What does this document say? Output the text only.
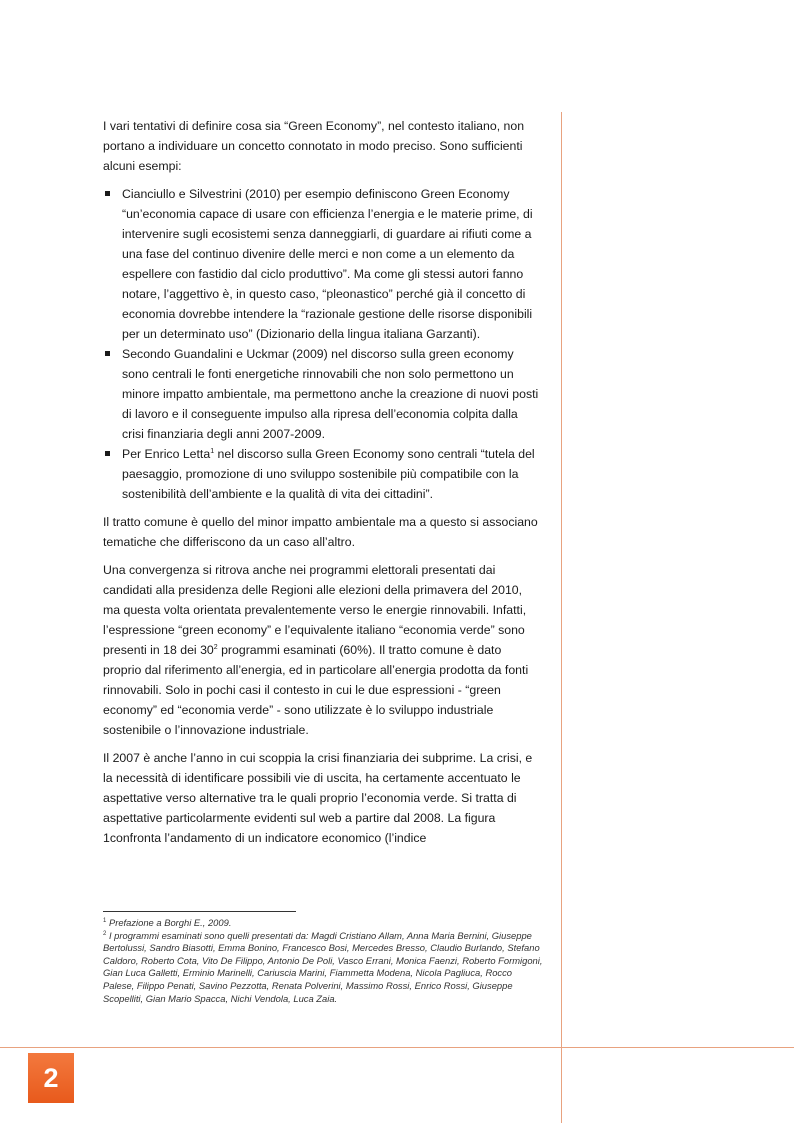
I vari tentativi di definire cosa sia “Green Economy”, nel contesto italiano, non portano a individuare un concetto connotato in modo preciso. Sono sufficienti alcuni esempi:

Cianciullo e Silvestrini (2010) per esempio definiscono Green Economy “un’economia capace di usare con efficienza l’energia e le materie prime, di intervenire sugli ecosistemi senza danneggiarli, di guardare ai rifiuti come a una fase del continuo divenire delle merci e non come a un elemento da espellere con fastidio dal ciclo produttivo”. Ma come gli stessi autori fanno notare, l’aggettivo è, in questo caso, “pleonastico” perché già il concetto di economia dovrebbe intendere la “razionale gestione delle risorse disponibili per un determinato uso” (Dizionario della lingua italiana Garzanti).
Secondo Guandalini e Uckmar (2009) nel discorso sulla green economy sono centrali le fonti energetiche rinnovabili che non solo permettono un minore impatto ambientale, ma permettono anche la creazione di nuovi posti di lavoro e il conseguente impulso alla ripresa dell’economia colpita dalla crisi finanziaria degli anni 2007-2009.
Per Enrico Letta$^1$ nel discorso sulla Green Economy sono centrali “tutela del paesaggio, promozione di uno sviluppo sostenibile più compatibile con la sostenibilità dell’ambiente e la qualità di vita dei cittadini”.

Il tratto comune è quello del minor impatto ambientale ma a questo si associano tematiche che differiscono da un caso all’altro.

Una convergenza si ritrova anche nei programmi elettorali presentati dai candidati alla presidenza delle Regioni alle elezioni della primavera del 2010, ma questa volta orientata prevalentemente verso le energie rinnovabili. Infatti, l’espressione “green economy” e l’equivalente italiano “economia verde” sono presenti in 18 dei $30^2$ programmi esaminati (60%). Il tratto comune è dato proprio dal riferimento all’energia, ed in particolare all’energia prodotta da fonti rinnovabili. Solo in pochi casi il contesto in cui le due espressioni - “green economy” ed “economia verde” - sono utilizzate è lo sviluppo industriale sostenibile o l’innovazione industriale.

Il 2007 è anche l’anno in cui scoppia la crisi finanziaria dei subprime. La crisi, e la necessità di identificare possibili vie di uscita, ha certamente accentuato le aspettative verso alternative tra le quali proprio l’economia verde. Si tratta di aspettative particolarmente evidenti sul web a partire dal 2008. La figura 1confronta l’andamento di un indicatore economico (l’indice

$^1$ Prefazione a Borghi E., 2009.

$^2$ I programmi esaminati sono quelli presentati da: Magdi Cristiano Allam, Anna Maria Bernini, Giuseppe Bertolussi, Sandro Biasotti, Emma Bonino, Francesco Bosi, Mercedes Bresso, Claudio Burlando, Stefano Caldoro, Roberto Cota, Vito De Filippo, Antonio De Poli, Vasco Errani, Monica Faenzi, Roberto Formigoni, Gian Luca Galletti, Erminio Marinelli, Cariuscia Marini, Fiammetta Modena, Nicola Pagliuca, Rocco Palese, Filippo Penati, Savino Pezzotta, Renata Polverini, Massimo Rossi, Enrico Rossi, Giuseppe Scopelliti, Gian Mario Spacca, Nichi Vendola, Luca Zaia.

2
